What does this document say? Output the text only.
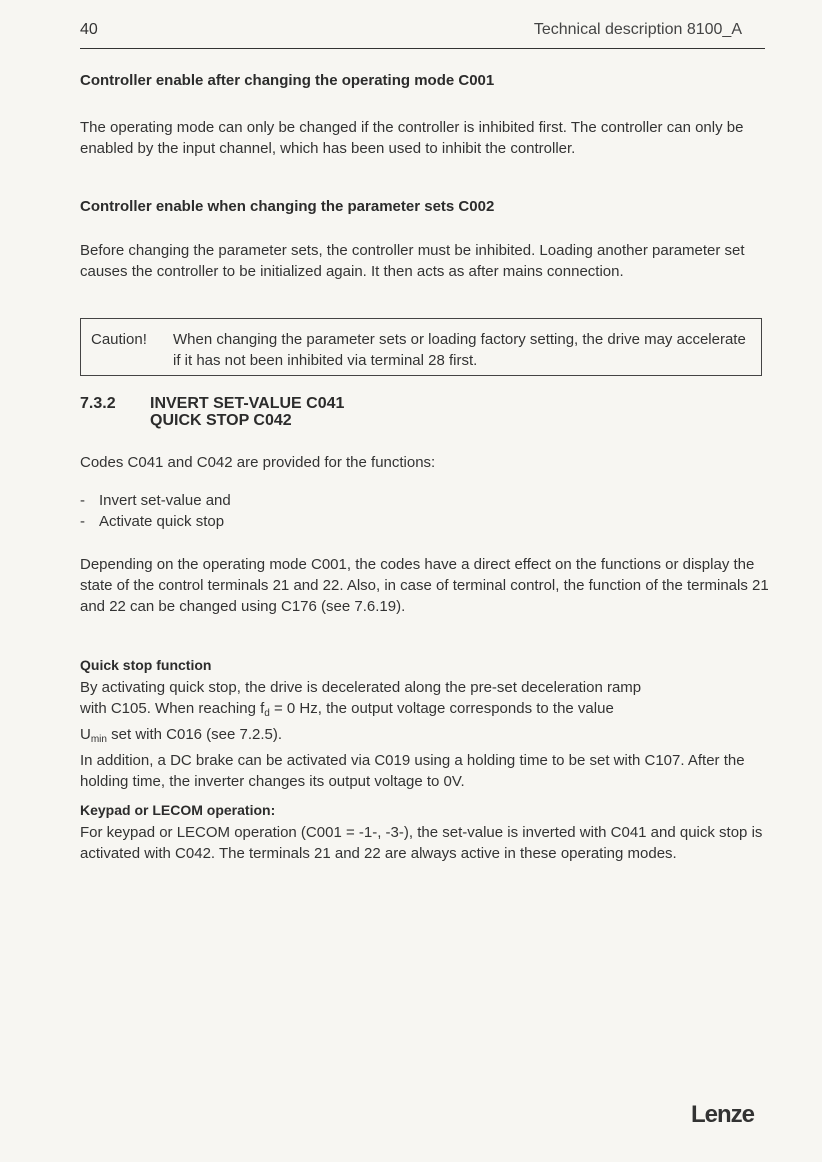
40	Technical description 8100_A
Controller enable after changing the operating mode C001
The operating mode can only be changed if the controller is inhibited first. The controller can only be enabled by the input channel, which has been used to inhibit the controller.
Controller enable when changing the parameter sets C002
Before changing the parameter sets, the controller must be inhibited. Loading another parameter set causes the controller to be initialized again. It then acts as after mains connection.
Caution! When changing the parameter sets or loading factory setting, the drive may accelerate if it has not been inhibited via terminal 28 first.
7.3.2	INVERT SET-VALUE C041
QUICK STOP C042
Codes C041 and C042 are provided for the functions:
- Invert set-value and
- Activate quick stop
Depending on the operating mode C001, the codes have a direct effect on the functions or display the state of the control terminals 21 and 22. Also, in case of terminal control, the function of the terminals 21 and 22 can be changed using C176 (see 7.6.19).
Quick stop function

By activating quick stop, the drive is decelerated along the pre-set deceleration ramp

with C105. When reaching $f_d = 0$ Hz, the output voltage corresponds to the value

$U_{min}$ set with C016 (see 7.2.5).

In addition, a DC brake can be activated via C019 using a holding time to be set with C107. After the holding time, the inverter changes its output voltage to 0V.

Keypad or LECOM operation:
For keypad or LECOM operation (C001 = -1-, -3-), the set-value is inverted with C041 and quick stop is activated with C042. The terminals 21 and 22 are always active in these operating modes.
Lenze
